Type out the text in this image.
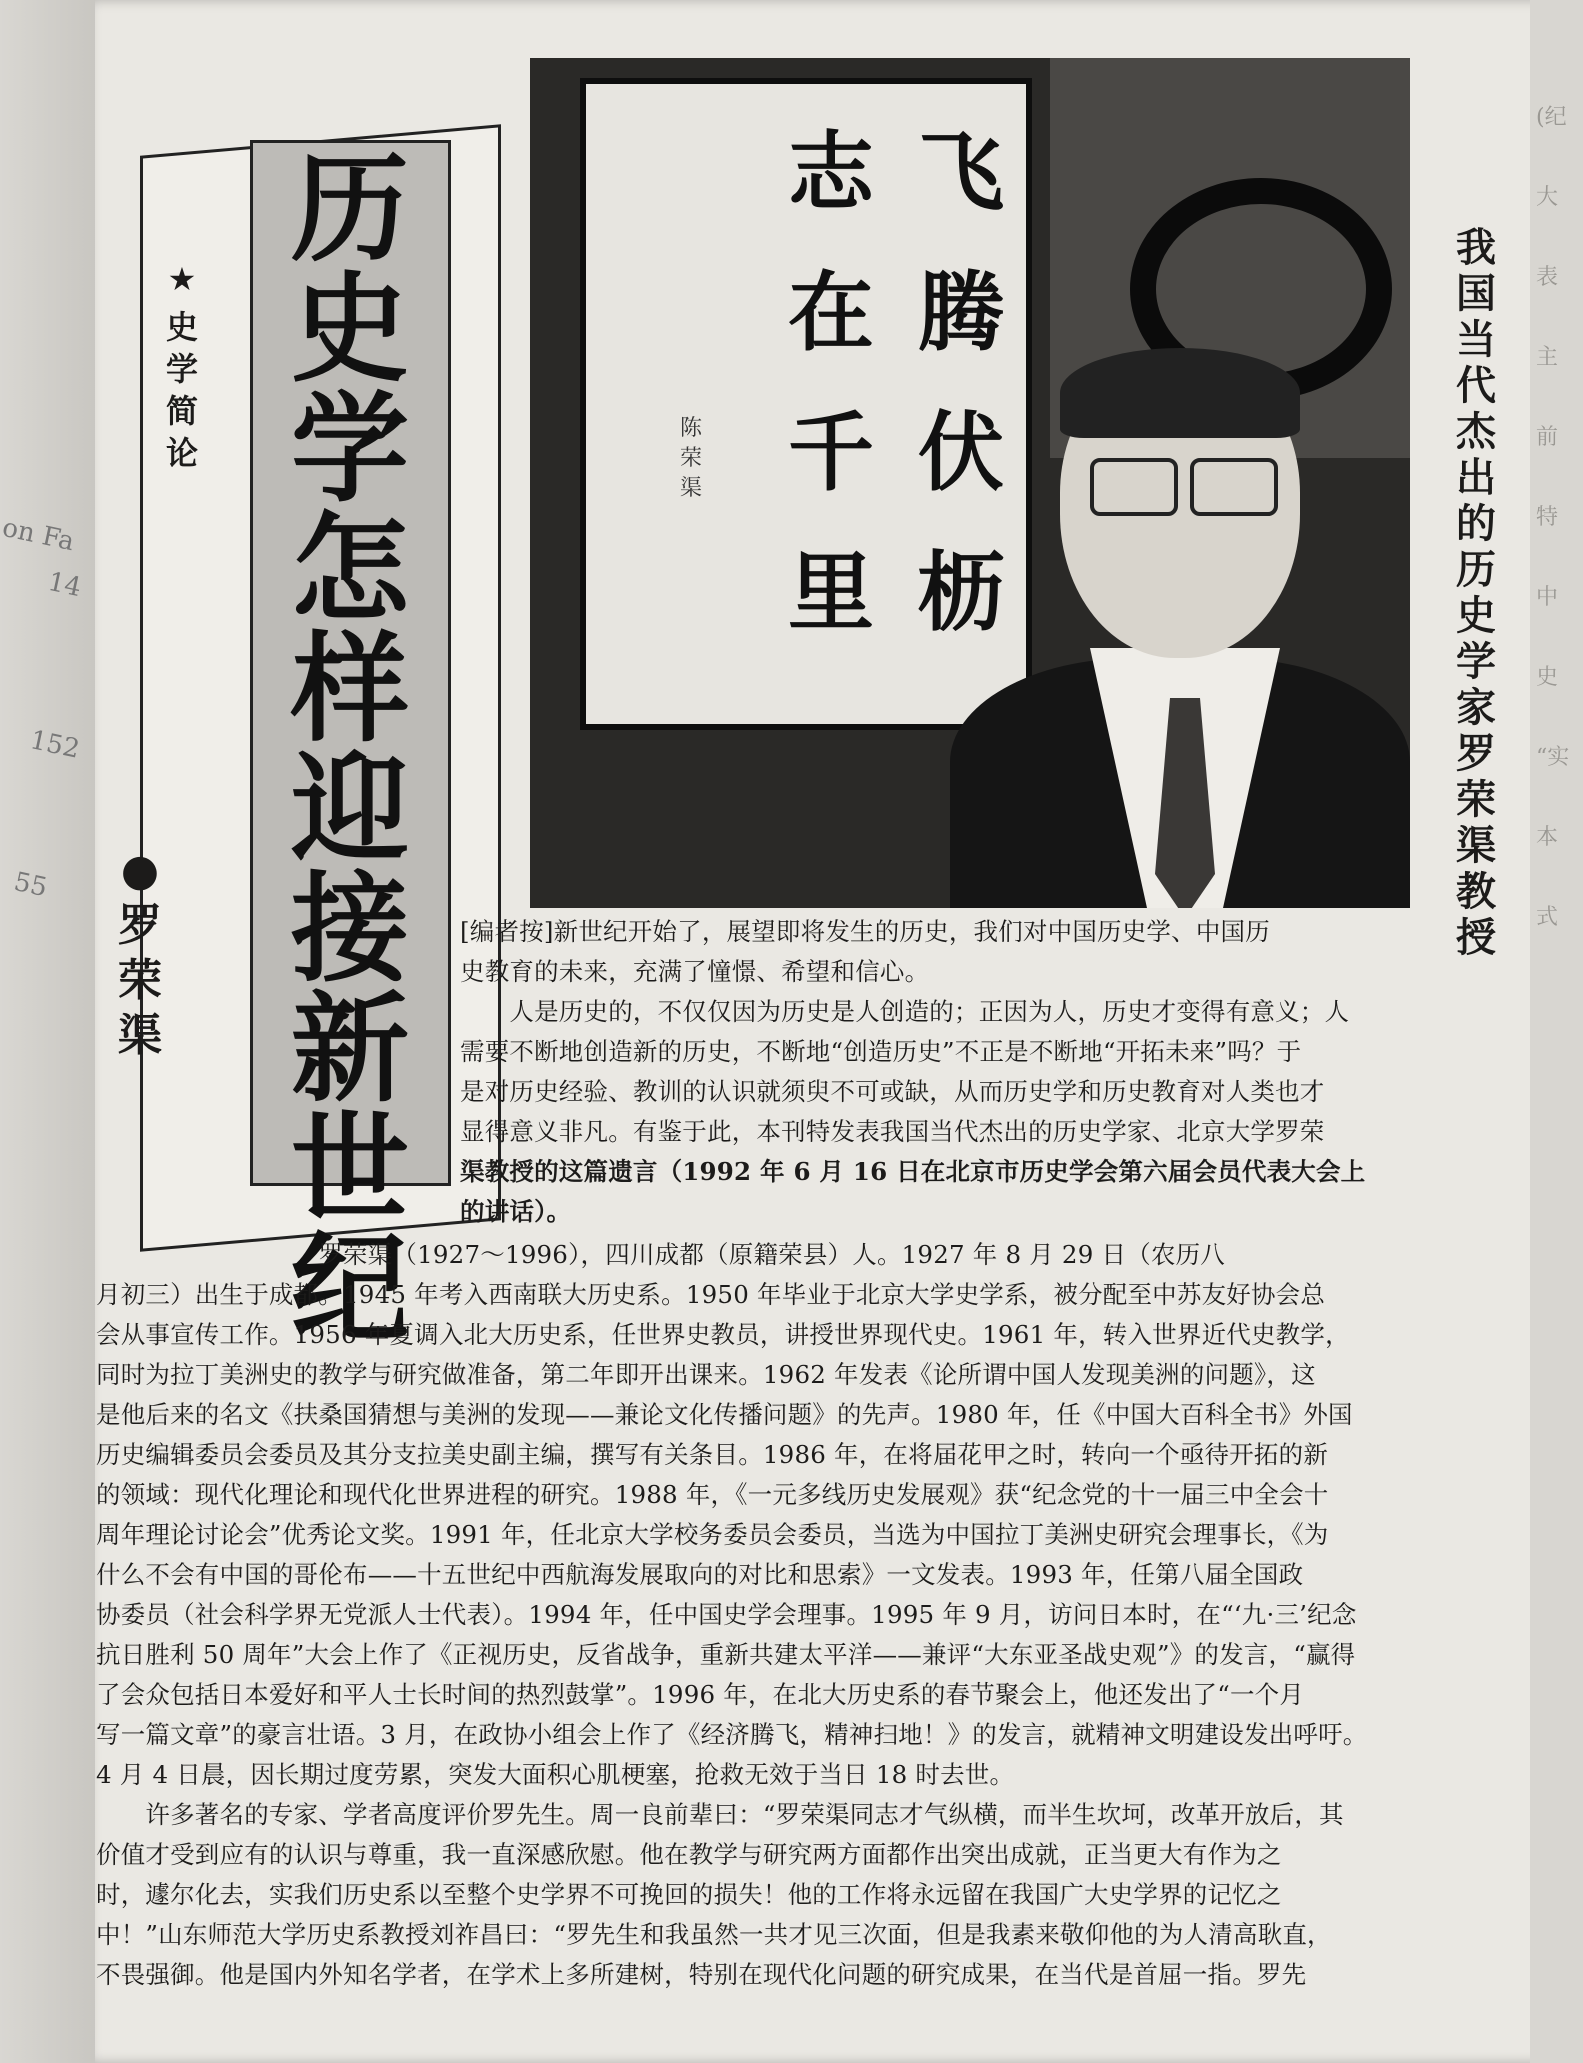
on Fa
14
152
55
(纪
大
表
主
前
特
中
史
“实
本
式
历
史
学
怎
样
迎
接
新
世
纪
★
史
学
简
论
●
罗
荣
渠
志
在
千
里
飞
腾
伏
枥
陈荣渠
我
国
当
代
杰
出
的
历
史
学
家
罗
荣
渠
教
授
[编者按]新世纪开始了，展望即将发生的历史，我们对中国历史学、中国历
史教育的未来，充满了憧憬、希望和信心。
　　人是历史的，不仅仅因为历史是人创造的；正因为人，历史才变得有意义；人
需要不断地创造新的历史，不断地“创造历史”不正是不断地“开拓未来”吗？于
是对历史经验、教训的认识就须臾不可或缺，从而历史学和历史教育对人类也才
显得意义非凡。有鉴于此，本刊特发表我国当代杰出的历史学家、北京大学罗荣
渠教授的这篇遗言（1992 年 6 月 16 日在北京市历史学会第六届会员代表大会上
的讲话）。
　　　　　　　　　罗荣渠（1927～1996），四川成都（原籍荣县）人。1927 年 8 月 29 日（农历八
月初三）出生于成都。1945 年考入西南联大历史系。1950 年毕业于北京大学史学系，被分配至中苏友好协会总
会从事宣传工作。1956 年夏调入北大历史系，任世界史教员，讲授世界现代史。1961 年，转入世界近代史教学，
同时为拉丁美洲史的教学与研究做准备，第二年即开出课来。1962 年发表《论所谓中国人发现美洲的问题》，这
是他后来的名文《扶桑国猜想与美洲的发现——兼论文化传播问题》的先声。1980 年，任《中国大百科全书》外国
历史编辑委员会委员及其分支拉美史副主编，撰写有关条目。1986 年，在将届花甲之时，转向一个亟待开拓的新
的领域：现代化理论和现代化世界进程的研究。1988 年，《一元多线历史发展观》获“纪念党的十一届三中全会十
周年理论讨论会”优秀论文奖。1991 年，任北京大学校务委员会委员，当选为中国拉丁美洲史研究会理事长，《为
什么不会有中国的哥伦布——十五世纪中西航海发展取向的对比和思索》一文发表。1993 年，任第八届全国政
协委员（社会科学界无党派人士代表）。1994 年，任中国史学会理事。1995 年 9 月，访问日本时，在“‘九·三’纪念
抗日胜利 50 周年”大会上作了《正视历史，反省战争，重新共建太平洋——兼评“大东亚圣战史观”》的发言，“赢得
了会众包括日本爱好和平人士长时间的热烈鼓掌”。1996 年，在北大历史系的春节聚会上，他还发出了“一个月
写一篇文章”的豪言壮语。3 月，在政协小组会上作了《经济腾飞，精神扫地！》的发言，就精神文明建设发出呼吁。
4 月 4 日晨，因长期过度劳累，突发大面积心肌梗塞，抢救无效于当日 18 时去世。
　　许多著名的专家、学者高度评价罗先生。周一良前辈曰：“罗荣渠同志才气纵横，而半生坎坷，改革开放后，其
价值才受到应有的认识与尊重，我一直深感欣慰。他在教学与研究两方面都作出突出成就，正当更大有作为之
时，遽尔化去，实我们历史系以至整个史学界不可挽回的损失！他的工作将永远留在我国广大史学界的记忆之
中！”山东师范大学历史系教授刘祚昌曰：“罗先生和我虽然一共才见三次面，但是我素来敬仰他的为人清高耿直，
不畏强御。他是国内外知名学者，在学术上多所建树，特别在现代化问题的研究成果，在当代是首屈一指。罗先
